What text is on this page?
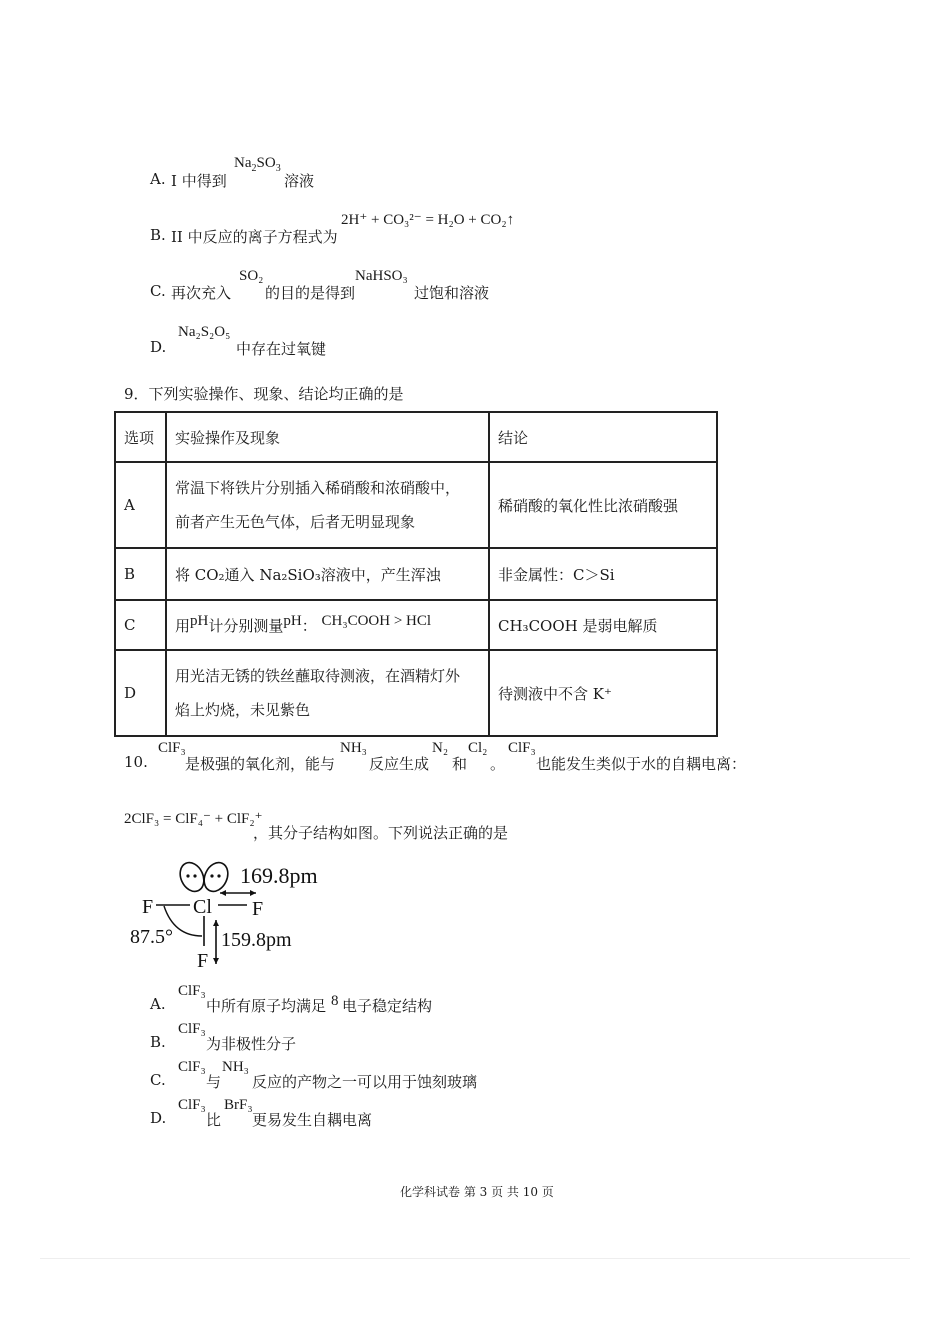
A. I 中得到
$Na_2SO_3$
溶液
B. II 中反应的离子方程式为
2H⁺ + CO₃²⁻ = H₂O + CO₂↑
C. 再次充入
SO₂
的目的是得到
NaHSO₃
过饱和溶液
D.
Na₂S₂O₅
中存在过氧键
9．下列实验操作、现象、结论均正确的是
选项	实验操作及现象	结论
A	常温下将铁片分别插入稀硝酸和浓硝酸中，
前者产生无色气体，后者无明显现象	稀硝酸的氧化性比浓硝酸强
B	将 CO₂通入 Na₂SiO₃溶液中，产生浑浊	非金属性：C＞Si
C	用pH计分别测量pH： CH₃COOH > HCl	CH₃COOH 是弱电解质
D	用光洁无锈的铁丝蘸取待测液，在酒精灯外
焰上灼烧，未见紫色	待测液中不含 K⁺
10.
ClF₃
是极强的氧化剂，能与
NH₃
反应生成
N₂
和
Cl₂
。
ClF₃
也能发生类似于水的自耦电离：
2ClF₃ = ClF₄⁻ + ClF₂⁺
，其分子结构如图。下列说法正确的是
169.8pm
F Cl F
87.5° 159.8pm
F
A.
ClF₃
中所有原子均满足 8 电子稳定结构
B.
ClF₃
为非极性分子
C.
ClF₃
与
NH₃
反应的产物之一可以用于蚀刻玻璃
D.
ClF₃
比
BrF₃
更易发生自耦电离
化学科试卷 第 3 页 共 10 页
